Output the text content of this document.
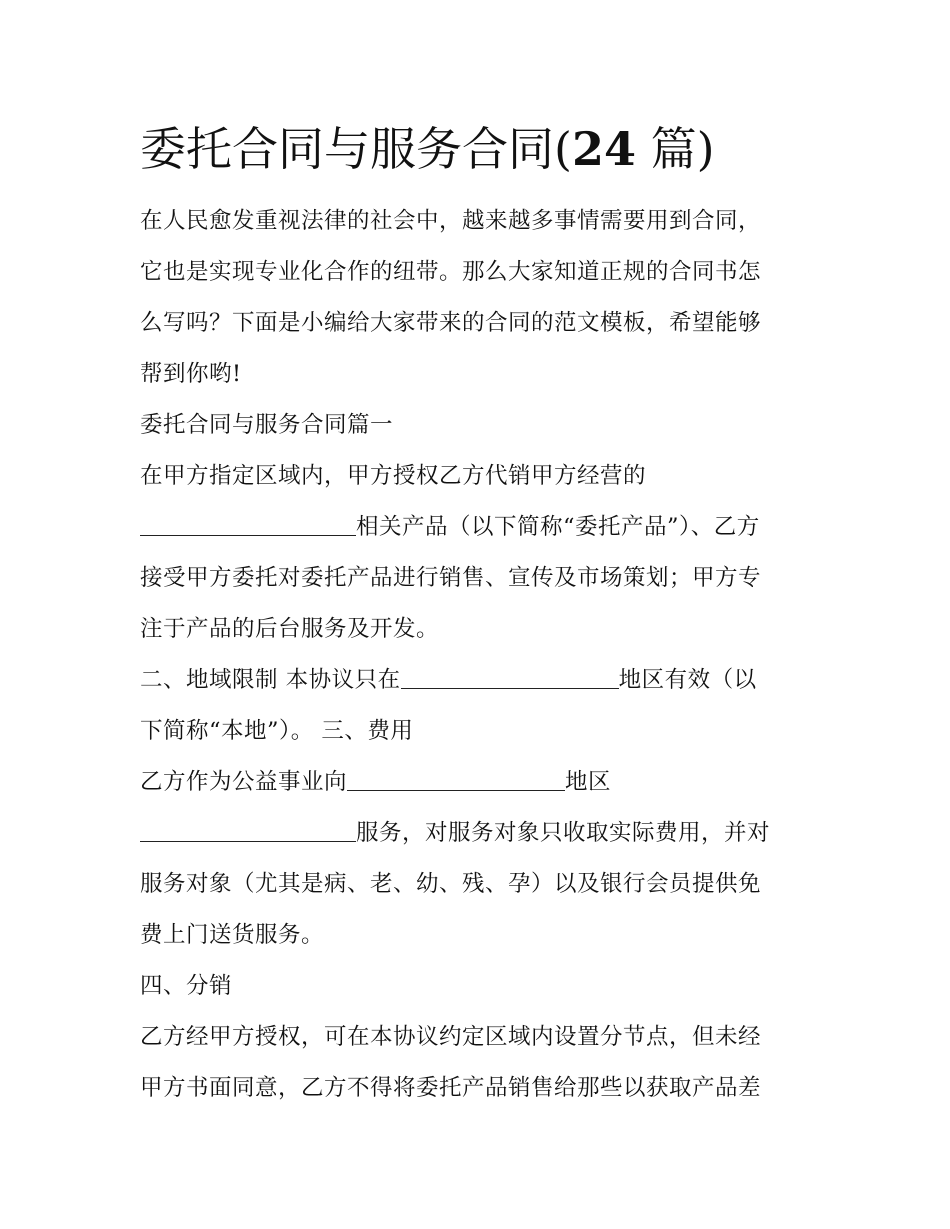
委托合同与服务合同(24 篇)
在人民愈发重视法律的社会中，越来越多事情需要用到合同，
它也是实现专业化合作的纽带。那么大家知道正规的合同书怎
么写吗？下面是小编给大家带来的合同的范文模板，希望能够
帮到你哟!
委托合同与服务合同篇一
在甲方指定区域内，甲方授权乙方代销甲方经营的
相关产品（以下简称“委托产品”）、乙方
接受甲方委托对委托产品进行销售、宣传及市场策划；甲方专
注于产品的后台服务及开发。
二、地域限制 本协议只在	地区有效（以
下简称“本地”）。 三、费用
乙方作为公益事业向	地区
服务，对服务对象只收取实际费用，并对
服务对象（尤其是病、老、幼、残、孕）以及银行会员提供免
费上门送货服务。
四、分销
乙方经甲方授权，可在本协议约定区域内设置分节点，但未经
甲方书面同意，乙方不得将委托产品销售给那些以获取产品差
